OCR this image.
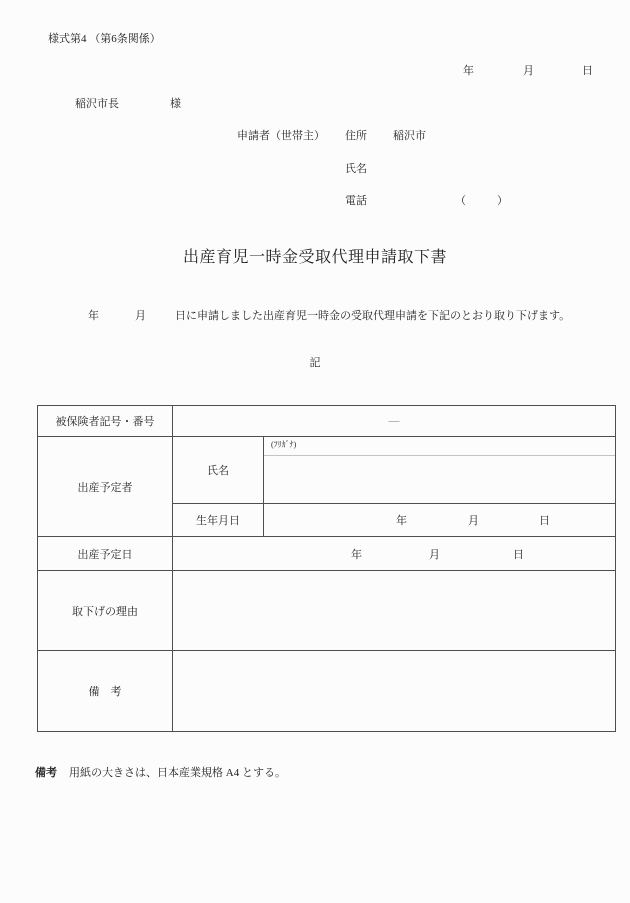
様式第4 （第6条関係）
年	月	日
稲沢市長	様
申請者（世帯主） 住所 稲沢市
氏名
電話	（	）
出産育児一時金受取代理申請取下書
年	月	日に申請しました出産育児一時金の受取代理申請を下記のとおり取り下げます。
記
被保険者記号・番号	―	
出産予定者	氏名	(ﾌﾘｶﾞﾅ)

	生年月日	年 月 日

出産予定日	年 月 日	

取下げの理由		
備　考		
備考 用紙の大きさは、日本産業規格 A4 とする。
